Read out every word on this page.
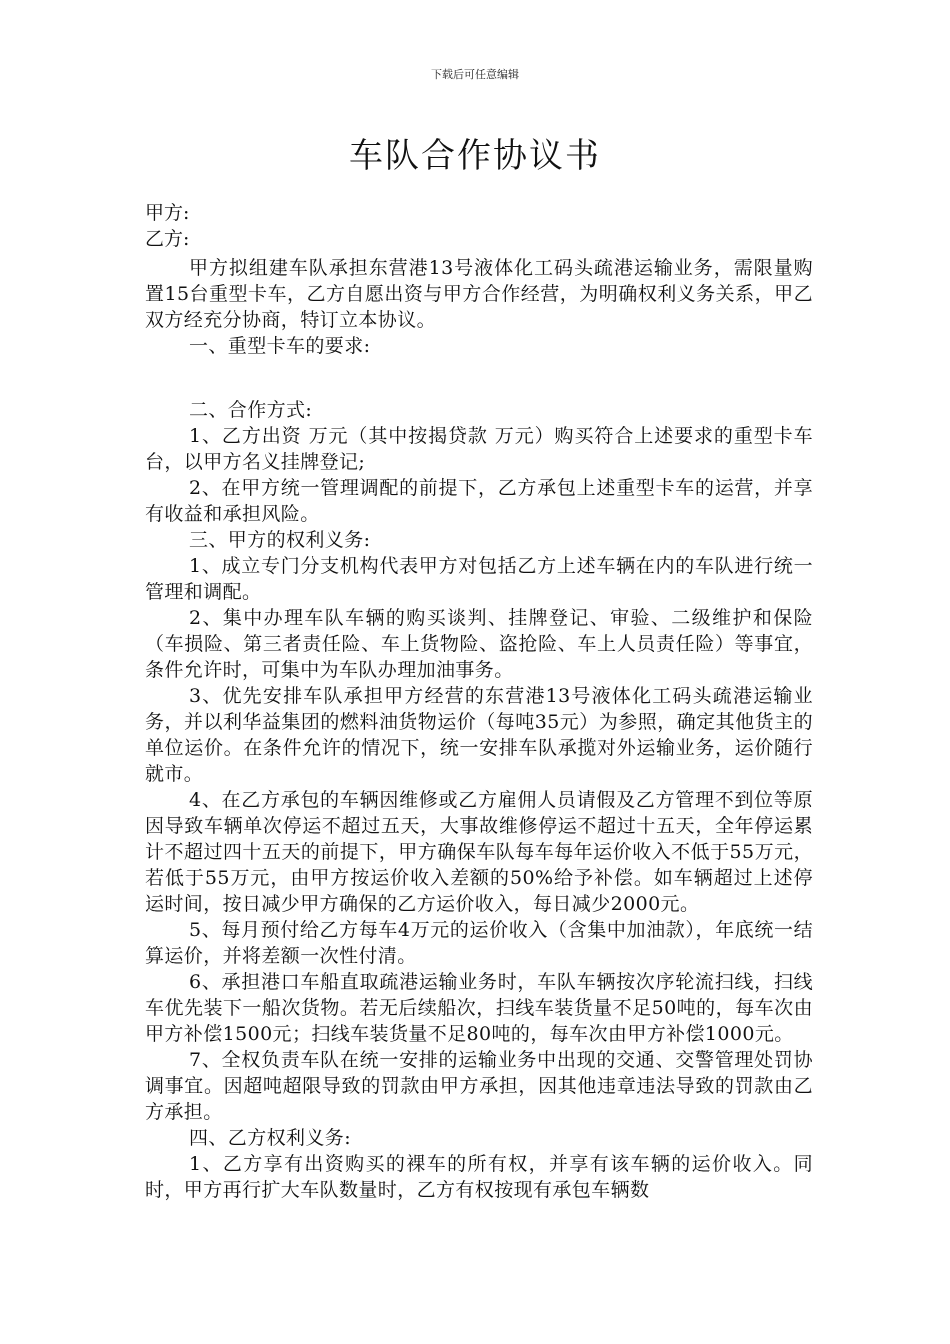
下载后可任意编辑
车队合作协议书
甲方:
乙方:

甲方拟组建车队承担东营港13号液体化工码头疏港运输业务，需限量购置15台重型卡车，乙方自愿出资与甲方合作经营，为明确权利义务关系，甲乙双方经充分协商，特订立本协议。

一、重型卡车的要求:

二、合作方式:

1、乙方出资 万元（其中按揭贷款 万元）购买符合上述要求的重型卡车 台，以甲方名义挂牌登记;

2、在甲方统一管理调配的前提下，乙方承包上述重型卡车的运营，并享有收益和承担风险。

三、甲方的权利义务:

1、成立专门分支机构代表甲方对包括乙方上述车辆在内的车队进行统一管理和调配。

2、集中办理车队车辆的购买谈判、挂牌登记、审验、二级维护和保险（车损险、第三者责任险、车上货物险、盗抢险、车上人员责任险）等事宜，条件允许时，可集中为车队办理加油事务。

3、优先安排车队承担甲方经营的东营港13号液体化工码头疏港运输业务，并以利华益集团的燃料油货物运价（每吨35元）为参照，确定其他货主的单位运价。在条件允许的情况下，统一安排车队承揽对外运输业务，运价随行就市。

4、在乙方承包的车辆因维修或乙方雇佣人员请假及乙方管理不到位等原因导致车辆单次停运不超过五天，大事故维修停运不超过十五天，全年停运累计不超过四十五天的前提下，甲方确保车队每车每年运价收入不低于55万元，若低于55万元，由甲方按运价收入差额的50%给予补偿。如车辆超过上述停运时间，按日减少甲方确保的乙方运价收入，每日减少2000元。

5、每月预付给乙方每车4万元的运价收入（含集中加油款），年底统一结算运价，并将差额一次性付清。

6、承担港口车船直取疏港运输业务时，车队车辆按次序轮流扫线，扫线车优先装下一船次货物。若无后续船次，扫线车装货量不足50吨的，每车次由甲方补偿1500元；扫线车装货量不足80吨的，每车次由甲方补偿1000元。

7、全权负责车队在统一安排的运输业务中出现的交通、交警管理处罚协调事宜。因超吨超限导致的罚款由甲方承担，因其他违章违法导致的罚款由乙方承担。

四、乙方权利义务:

1、乙方享有出资购买的裸车的所有权，并享有该车辆的运价收入。同时，甲方再行扩大车队数量时，乙方有权按现有承包车辆数
